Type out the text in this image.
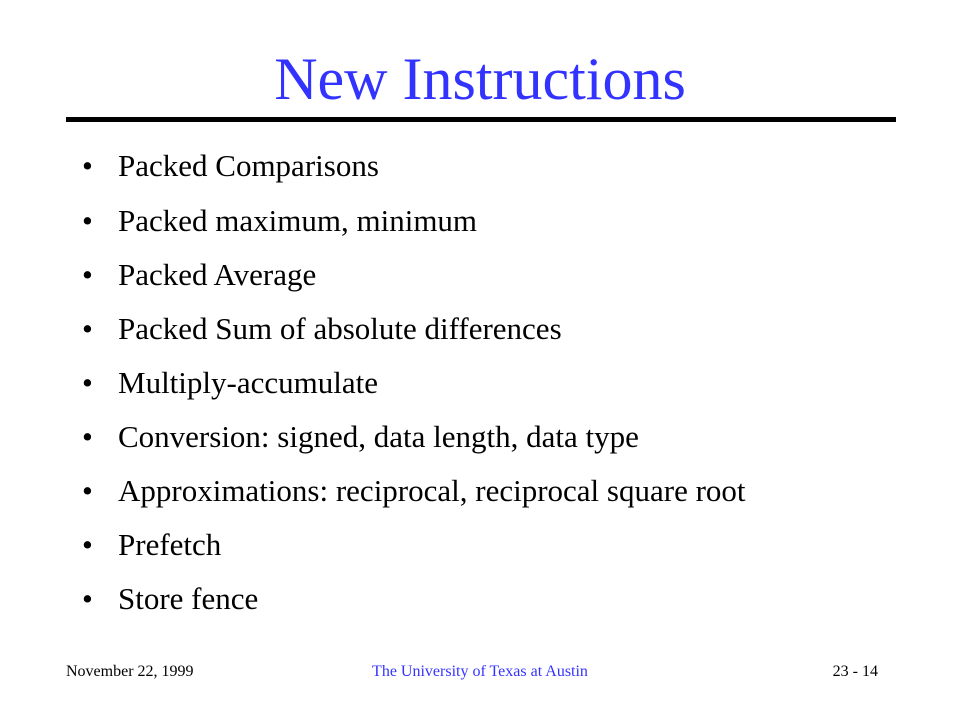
New Instructions
• Packed Comparisons
• Packed maximum, minimum
• Packed Average
• Packed Sum of absolute differences
• Multiply-accumulate
• Conversion: signed, data length, data type
• Approximations: reciprocal, reciprocal square root
• Prefetch
• Store fence
November 22, 1999	The University of Texas at Austin	23 - 14
